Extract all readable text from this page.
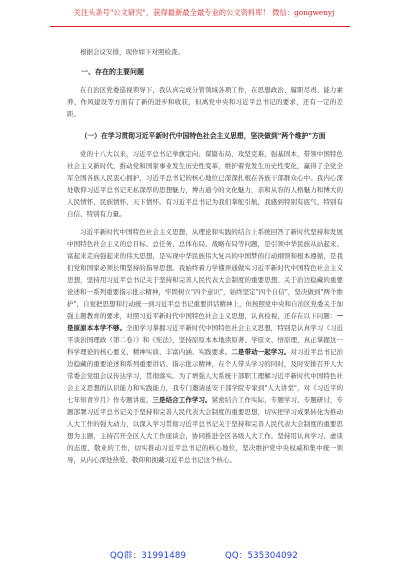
关注头条号"公文研究"，获得最新最全最专业的公文资料库！ 微信：gongwenyj

根据会议安排，现作如下对照检查。

一、存在的主要问题

在自治区党委巡视领导下，我认真完成分管领域各项工作，在思想政治、履职尽责、能力素养、作风建设等方面有了新的进步和收获，但离党中央和习近平总书记的要求，还有一定的差距。

（一）在学习贯彻习近平新时代中国特色社会主义思想，坚决做到"两个维护"方面

党的十八大以来，习近平总书记举旗定向、谋篇布局、攻坚克难、强基固本，带领中国特色社会主义新时代，推动党和国家事业发生历史性变革，维护着党发生历史性变化，赢得了全党全军全国各族人民衷心拥护，习近平总书记的核心地位已深深扎根在各族干部群众心中。我内心深处敬仰习近平总书记无私深厚的思想魅力，博古通今的文化魅力，亲和从容的人格魅力和博大的人民情怀、民族情怀、天下情怀。有习近平总书记为我们掌舵引航，我感到特别有底气、特别有自信、特别有力量。

习近平新时代中国特色社会主义思想，从理论和实践的结合上系统回答了新时代坚持和发展中国特色社会主义的总目标、总任务、总体布局、战略布局等问题，是引领中华民族从站起来、富起来走向强起来的伟大思想，是实现中华民族伟大复兴的中国梦的行动纲领和根本遵循，是我们党和国家必须长期坚持的指导思想。我始终着力学懂弄通做实习近平新时代中国特色社会主义思想，坚持用习近平总书记关于坚持和完善人民代表大会制度的重要思想、关于治边稳藏的重要论述和一系列重要指示批示精神，牢固树立"四个意识"，始终坚定"四个自信"，坚决做到"两个维护"，自觉把思想和行动统一到习近平总书记重要讲话精神上，但按照党中央和自治区党委关于加强主题教育的要求，对照习近平新时代中国特色社会主义思想，认真检视，还存在以下问题：一是原原本本学不够。全面学习掌握习近平新时代中国特色社会主义思想，特别是认真学习《习近平谈治国理政（第二卷）》和《宪法》，坚持原原本本地读原著、学原文、悟原理，真正掌握这一科学理论的核心要义、精神实质、丰富内涵、实践要求。二是带动一起学习。对习近平总书记治边稳藏的重要论述和系列重要讲话、指示批示精神，在个人带头学习的同时，及时安排召开人大常委会党组会议传达学习，贯彻落实。为了增强人大系统干部职工理解习近平新时代中国特色社会主义思想的认识能力和实践能力，我专门邀请延安干部学院专家到"人大讲堂"，对《习近平的七年知青岁月》作专题讲座。三是结合工作学习。紧密结合工作实际，专题学习、专题研讨，专题部署习近平总书记关于坚持和完善人民代表大会制度的重要思想，切实把学习成果转化为推动人大工作的强大动力，以深入学习贯彻习近平总书记关于坚持和完善人民代表大会制度的重要思想为主题，主持召开全区人大工作座谈会，协同推进全区各级人大工作。坚持用认真学习、虚谈的态度、敬业的工作，切实推动习近平总书记的核心地位，坚决维护党中央权威和集中统一领导，从内心深处热爱、敬仰和拥戴习近平总书记这个核心。

QQ群：31991489	QQ：535304092
